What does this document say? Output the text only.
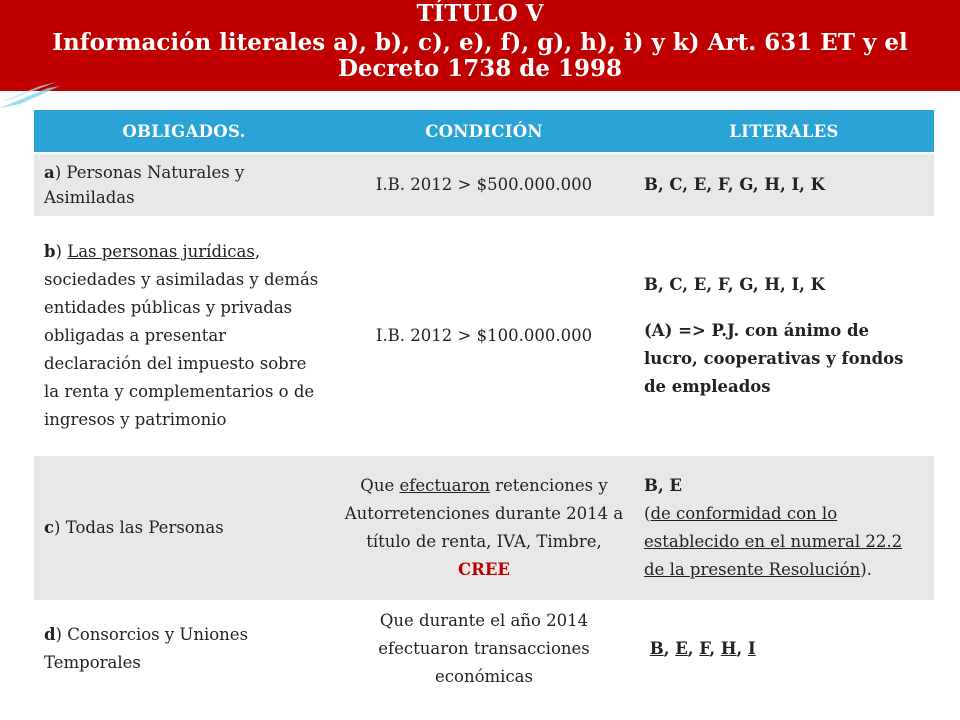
TÍTULO V
Información literales a), b), c), e), f), g), h), i) y k) Art. 631 ET y el Decreto 1738 de 1998
OBLIGADOS.	CONDICIÓN	LITERALES
a) Personas Naturales y Asimiladas	I.B. 2012 > $500.000.000	B, C, E, F, G, H, I, K
b) Las personas jurídicas, sociedades y asimiladas y demás entidades públicas y privadas obligadas a presentar declaración del impuesto sobre la renta y complementarios o de ingresos y patrimonio	I.B. 2012 > $100.000.000	B, C, E, F, G, H, I, K
(A) => P.J. con ánimo de lucro, cooperativas y fondos de empleados

c) Todas las Personas	Que efectuaron retenciones y Autorretenciones durante 2014 a título de renta, IVA, Timbre, CREE	B, E
(de conformidad con lo establecido en el numeral 22.2 de la presente Resolución).
d) Consorcios y Uniones Temporales	Que durante el año 2014 efectuaron transacciones económicas	B, E, F, H, I
